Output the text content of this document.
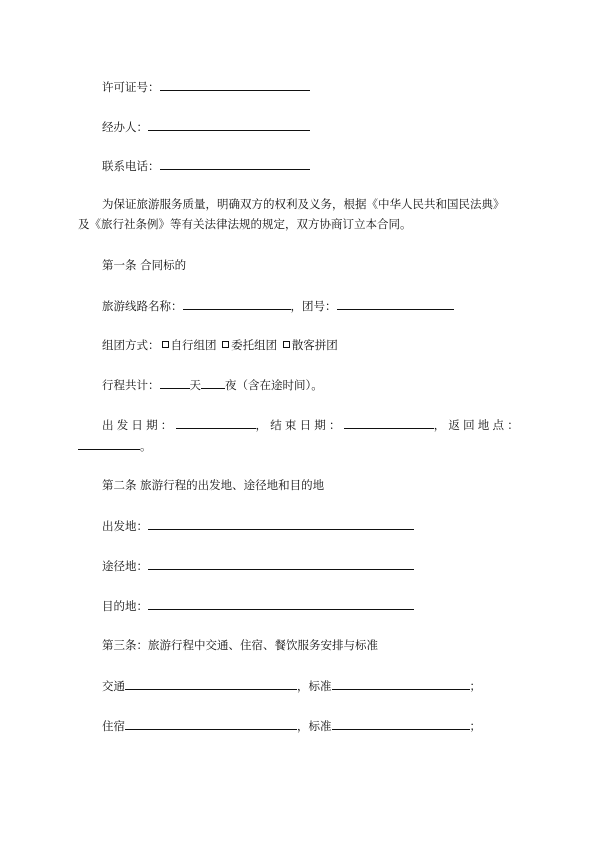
许可证号：
经办人：
联系电话：
为保证旅游服务质量，明确双方的权利及义务，根据《中华人民共和国民法典》
及《旅行社条例》等有关法律法规的规定，双方协商订立本合同。
第一条 合同标的
旅游线路名称：	，团号：
组团方式： 自行组团 委托组团 散客拼团
行程共计：	天 夜（含在途时间）。
出发日期：	，结束日期：	，返回地点：
。
第二条 旅游行程的出发地、途径地和目的地
出发地：
途径地：
目的地：
第三条：旅游行程中交通、住宿、餐饮服务安排与标准
交通	，标准	；
住宿	，标准	；
